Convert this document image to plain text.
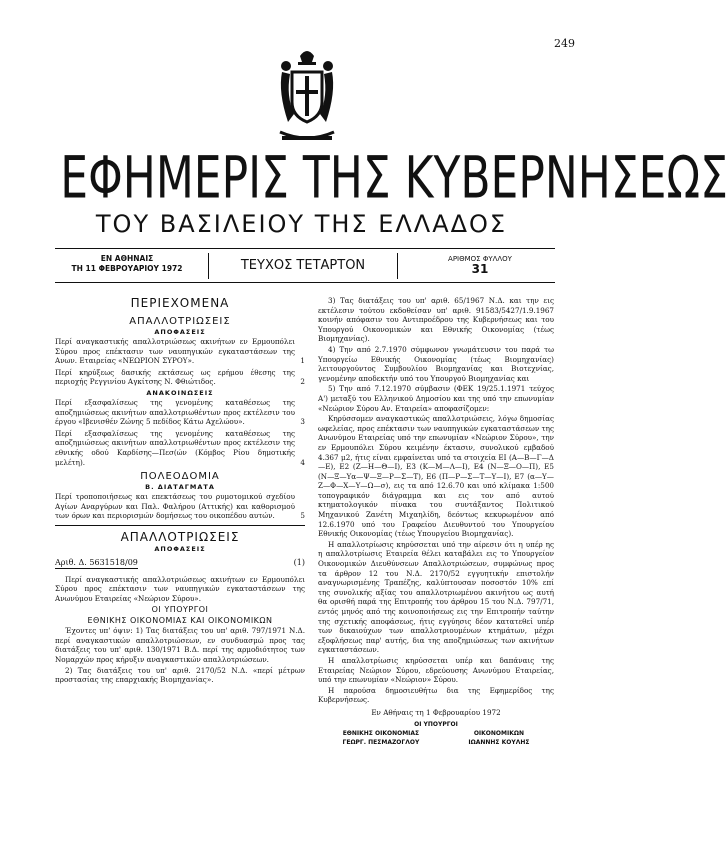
249
ΕΦΗΜΕΡΙΣ ΤΗΣ ΚΥΒΕΡΝΗΣΕΩΣ
ΤΟΥ ΒΑΣΙΛΕΙΟΥ ΤΗΣ ΕΛΛΑΔΟΣ
ΕΝ ΑΘΗΝΑΙΣ
ΤΗ 11 ΦΕΒΡΟΥΑΡΙΟΥ 1972	ΤΕΥΧΟΣ ΤΕΤΑΡΤΟΝ	ΑΡΙΘΜΟΣ ΦΥΛΛΟΥ
31
ΠΕΡΙΕΧΟΜΕΝΑ
ΑΠΑΛΛΟΤΡΙΩΣΕΙΣ
ΑΠΟΦΑΣΕΙΣ
Περί αναγκαστικής απαλλοτριώσεως ακινήτων εν Ερμουπόλει Σύρου προς επέκτασιν των ναυπηγικών εγκαταστάσεων της Ανων. Εταιρείας «ΝΕΩΡΙΟΝ ΣΥΡΟΥ».	1
Περί κηρύξεως δασικής εκτάσεως ως ερήμου έθεσης της περιοχής Ρεγγινίου Αγκίτσης Ν. Φθιώτιδος.	2
ΑΝΑΚΟΙΝΩΣΕΙΣ
Περί εξασφαλίσεως της γενομένης καταθέσεως της αποζημιώσεως ακινήτων απαλλοτριωθέντων προς εκτέλεσιν του έργου «Ιβενισθέν Ζώνης 5 πεδίδος Κάτω Αχελώου».	3
Περί εξασφαλίσεως της γενομένης καταθέσεως της αποζημιώσεως ακινήτων απαλλοτριωθέντων προς εκτέλεσιν της εθνικής οδού Καρδίσης—Πεσ(ών (Κόμβος Ρίου δημοτικής μελέτη).	4
ΠΟΛΕΟΔΟΜΙΑ
Β. ΔΙΑΤΑΓΜΑΤΑ
Περί τροποποιήσεως και επεκτάσεως του ρυμοτομικού σχεδίου Αγίων Αναργύρων και Παλ. Φαλήρου (Αττικής) και καθορισμού των όρων και περιορισμών δομήσεως του οικοπέδου αυτών.	5
ΑΠΑΛΛΟΤΡΙΩΣΕΙΣ
ΑΠΟΦΑΣΕΙΣ
Αριθ. Δ. 5631518/09	(1)

Περί αναγκαστικής απαλλοτριώσεως ακινήτων εν Ερμουπόλει Σύρου προς επέκτασιν των ναυπηγικών εγκαταστάσεων της Ανωνύμου Εταιρείας «Νεώριον Σύρου».

ΟΙ ΥΠΟΥΡΓΟΙ
ΕΘΝΙΚΗΣ ΟΙΚΟΝΟΜΙΑΣ ΚΑΙ ΟΙΚΟΝΟΜΙΚΩΝ

Έχοντες υπ' όψιν: 1) Τας διατάξεις του υπ' αριθ. 797/1971 Ν.Δ. περί αναγκαστικών απαλλοτριώσεων, εν συνδυασμώ προς τας διατάξεις του υπ' αριθ. 130/1971 Β.Δ. περί της αρμοδιότητος των Νομαρχών προς κήρυξιν αναγκαστικών απαλλοτριώσεων.

2) Τας διατάξεις του υπ' αριθ. 2170/52 Ν.Δ. «περί μέτρων προστασίας της επαρχιακής Βιομηχανίας».

3) Τας διατάξεις του υπ' αριθ. 65/1967 Ν.Δ. και την εις εκτέλεσιν τούτου εκδοθείσαν υπ' αριθ. 91583/5427/1.9.1967 κοινήν απόφασιν του Αντιπροέδρου της Κυβερνήσεως και του Υπουργού Οικονομικών και Εθνικής Οικονομίας (τέως Βιομηχανίας).

4) Την από 2.7.1970 σύμφωνον γνωμάτευσιν του παρά τω Υπουργείω Εθνικής Οικονομίας (τέως Βιομηχανίας) λειτουργούντος Συμβουλίου Βιομηχανίας και Βιοτεχνίας, γενομένην αποδεκτήν υπό του Υπουργού Βιομηχανίας και

5) Την από 7.12.1970 σύμβασιν (ΦΕΚ 19/25.1.1971 τεύχος Α') μεταξύ του Ελληνικού Δημοσίου και της υπό την επωνυμίαν «Νεώριον Σύρου Αν. Εταιρεία» αποφασίζομεν:

Κηρύσσομεν αναγκαστικώς απαλλοτριώσεις, λόγω δημοσίας ωφελείας, προς επέκτασιν των ναυπηγικών εγκαταστάσεων της Ανωνύμου Εταιρείας υπό την επωνυμίαν «Νεώριον Σύρου», την εν Ερμουπόλει Σύρου κειμένην έκτασιν, συνολικού εμβαδού 4.367 μ2, ήτις είναι εμφαίνεται υπό τα στοιχεία ΕΙ (Α—Β—Γ—Δ—Ε), Ε2 (Ζ—Η—Θ—Ι), Ε3 (Κ—Μ—Λ—Ι), Ε4 (Ν—Ξ—Ο—Π), Ε5 (Ν—Ξ—Υα—Ψ—Ξ—Ρ—Σ—Τ), Ε6 (Π—Ρ—Σ—Τ—Υ—Ι), Ε7 (α—Υ—Ζ—Φ—Χ—Υ—Ω—σ), εις τα από 12.6.70 και υπό κλίμακα 1:500 τοπογραφικόν διάγραμμα και εις τον από αυτού κτηματολογικόν πίνακα του συντάξαντος Πολιτικού Μηχανικού Ζανέτη Μιχαηλίδη, δεόντως κεκυρωμένον από 12.6.1970 υπό του Γραφείου Διευθυντού του Υπουργείου Εθνικής Οικονομίας (τέως Υπουργείου Βιομηχανίας).

Η απαλλοτρίωσις κηρύσσεται υπό την αίρεσιν ότι η υπέρ ης η απαλλοτρίωσις Εταιρεία θέλει καταβάλει εις το Υπουργείον Οικονομικών Διευθύνσεων Απαλλοτριώσεων, συμφώνως προς τα άρθρον 12 του Ν.Δ. 2170/52 εγγυητικήν επιστολήν αναγνωρισμένης Τραπέζης, καλύπτουσαν ποσοστόν 10% επί της συνολικής αξίας του απαλλοτριωμένου ακινήτου ως αυτή θα ορισθή παρά της Επιτροπής του άρθρου 15 του Ν.Δ. 797/71, εντός μηνός από της κοινοποιήσεως εις την Επιτροπήν ταύτην της σχετικής αποφάσεως, ήτις εγγύησις δέον κατατεθεί υπέρ των δικαιούχων των απαλλοτριουμένων κτημάτων, μέχρι εξοφλήσεως παρ' αυτής, δια της αποζημιώσεως των ακινήτων εγκαταστάσεων.

Η απαλλοτρίωσις κηρύσσεται υπέρ και δαπάναις της Εταιρείας Νεώριον Σύρου, εδρεύουσης Ανωνύμου Εταιρείας, υπό την επωνυμίαν «Νεώριον» Σύρου.

Η παρούσα δημοσιευθήτω δια της Εφημερίδος της Κυβερνήσεως.

Εν Αθήναις τη 1 Φεβρουαρίου 1972
ΟΙ ΥΠΟΥΡΓΟΙ
ΕΘΝΙΚΗΣ ΟΙΚΟΝΟΜΙΑΣ
ΓΕΩΡΓ. ΠΕΣΜΑΖΟΓΛΟΥ
ΟΙΚΟΝΟΜΙΚΩΝ
ΙΩΑΝΝΗΣ ΚΟΥΛΗΣ
